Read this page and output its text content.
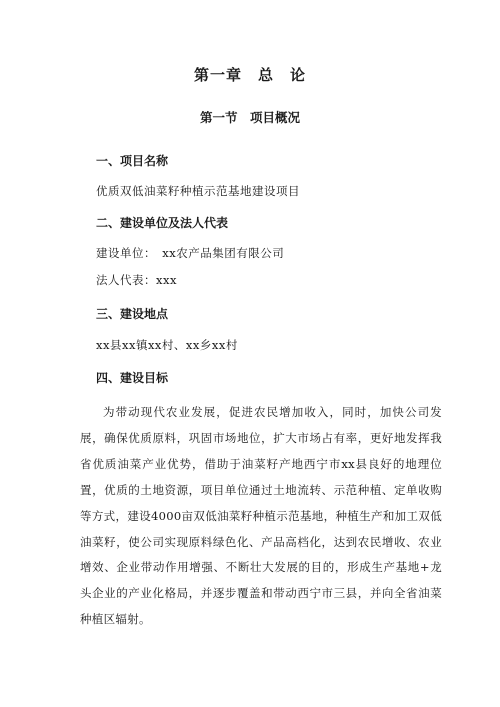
第一章　总　论
第一节　项目概况
一、项目名称
优质双低油菜籽种植示范基地建设项目
二、建设单位及法人代表
建设单位：　xx农产品集团有限公司
法人代表：xxx
三、建设地点
xx县xx镇xx村、xx乡xx村
四、建设目标
为带动现代农业发展，促进农民增加收入，同时，加快公司发展，确保优质原料，巩固市场地位，扩大市场占有率，更好地发挥我省优质油菜产业优势，借助于油菜籽产地西宁市xx县良好的地理位置，优质的土地资源，项目单位通过土地流转、示范种植、定单收购等方式，建设4000亩双低油菜籽种植示范基地，种植生产和加工双低油菜籽，使公司实现原料绿色化、产品高档化，达到农民增收、农业增效、企业带动作用增强、不断壮大发展的目的，形成生产基地+龙头企业的产业化格局，并逐步覆盖和带动西宁市三县，并向全省油菜种植区辐射。
